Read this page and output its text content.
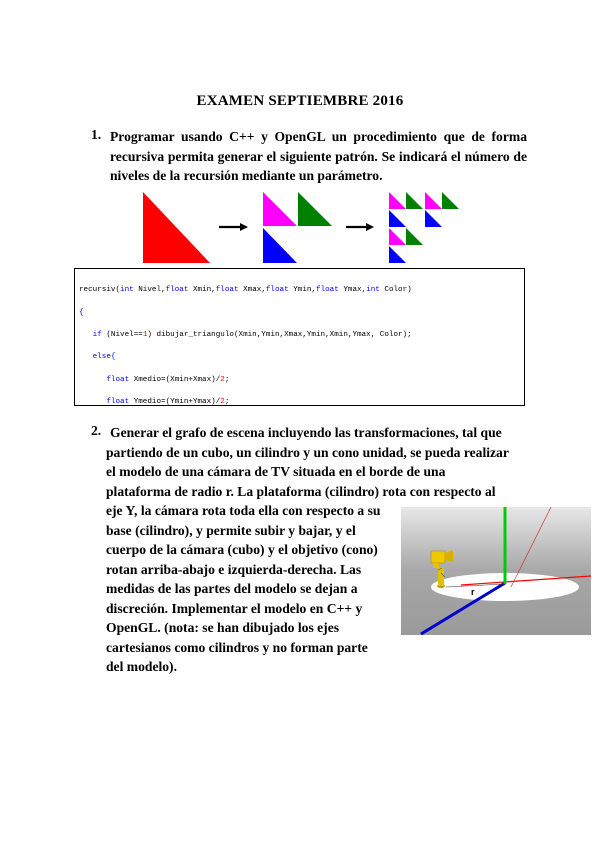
EXAMEN SEPTIEMBRE 2016
1. Programar usando C++ y OpenGL un procedimiento que de forma recursiva permita generar el siguiente patrón. Se indicará el número de niveles de la recursión mediante un parámetro.

recursiv(int Nivel,float Xmin,float Xmax,float Ymin,float Ymax,int Color)

{

if (Nivel==1) dibujar_triangulo(Xmin,Ymin,Xmax,Ymin,Xmin,Ymax, Color);

else{

float Xmedio=(Xmin+Xmax)/2;

float Ymedio=(Ymin+Ymax)/2;

2. Generar el grafo de escena incluyendo las transformaciones, tal que
partiendo de un cubo, un cilindro y un cono unidad, se pueda realizar
el modelo de una cámara de TV situada en el borde de una
plataforma de radio r. La plataforma (cilindro) rota con respecto al
eje Y, la cámara rota toda ella con respecto a su
base (cilindro), y permite subir y bajar, y el
cuerpo de la cámara (cubo) y el objetivo (cono)
rotan arriba-abajo e izquierda-derecha. Las
medidas de las partes del modelo se dejan a
discreción. Implementar el modelo en C++ y
OpenGL. (nota: se han dibujado los ejes
cartesianos como cilindros y no forman parte
del modelo).
r
